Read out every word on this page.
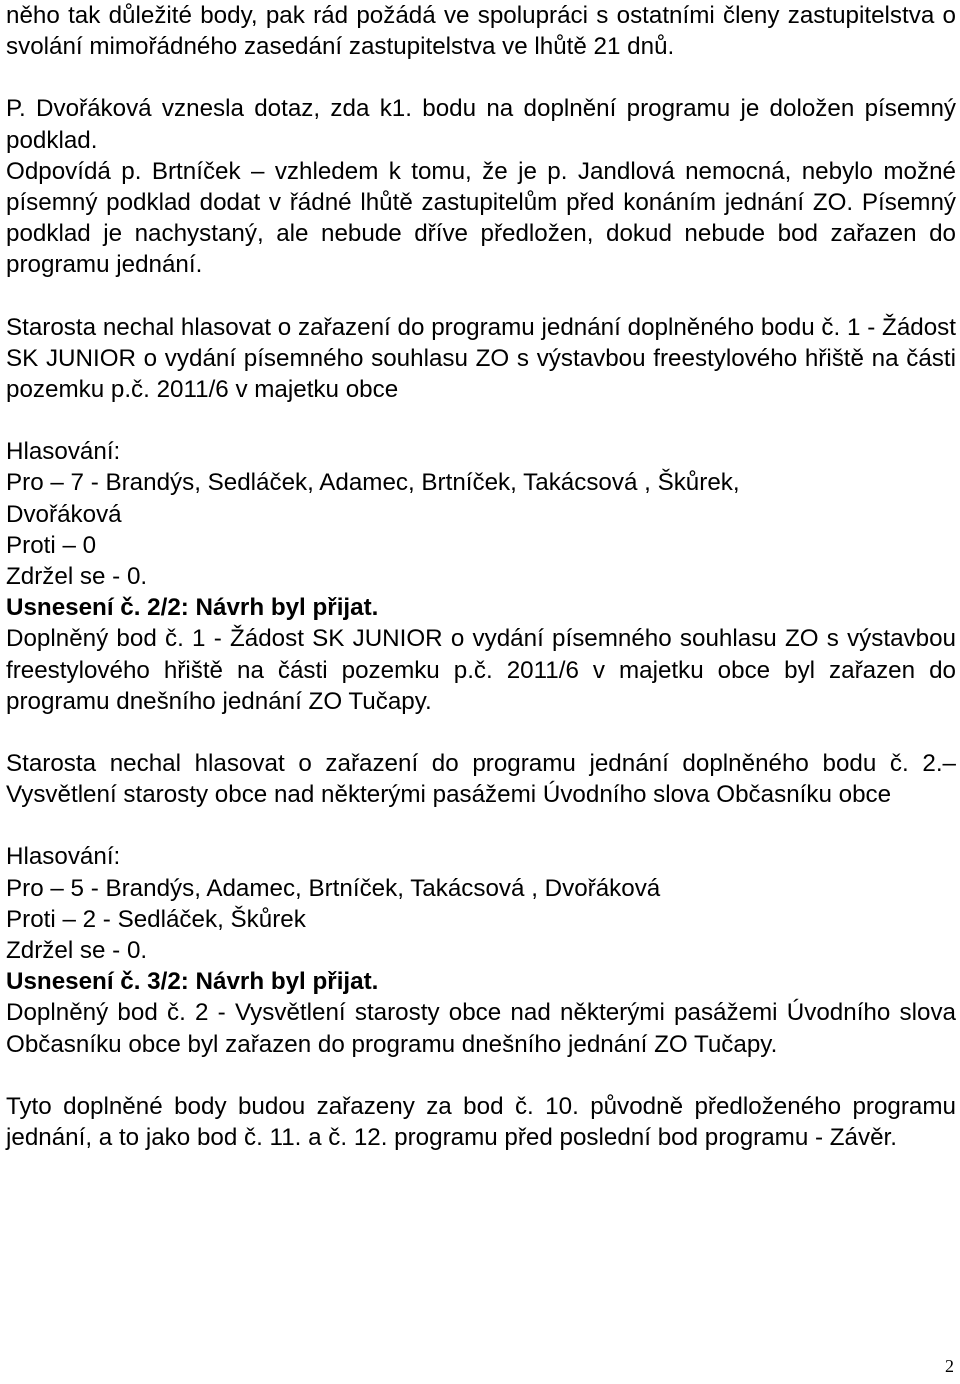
něho tak důležité body, pak rád požádá ve spolupráci s ostatními členy zastupitelstva o svolání mimořádného zasedání zastupitelstva ve lhůtě 21 dnů.

P. Dvořáková vznesla dotaz, zda k1. bodu na doplnění programu je doložen písemný podklad.

Odpovídá p. Brtníček – vzhledem k tomu, že je p. Jandlová nemocná, nebylo možné písemný podklad dodat v řádné lhůtě zastupitelům před konáním jednání ZO. Písemný podklad je nachystaný, ale nebude dříve předložen, dokud nebude bod zařazen do programu jednání.

Starosta nechal hlasovat o zařazení do programu jednání doplněného bodu č. 1 - Žádost SK JUNIOR o vydání písemného souhlasu ZO s výstavbou freestylového hřiště na části pozemku p.č. 2011/6 v majetku obce

Hlasování:

Pro – 7 - Brandýs, Sedláček, Adamec, Brtníček, Takácsová , Škůrek,

Dvořáková

Proti – 0

Zdržel se - 0.

Usnesení č. 2/2: Návrh byl přijat.

Doplněný bod č. 1 - Žádost SK JUNIOR o vydání písemného souhlasu ZO s výstavbou freestylového hřiště na části pozemku p.č. 2011/6 v majetku obce byl zařazen do programu dnešního jednání ZO Tučapy.

Starosta nechal hlasovat o zařazení do programu jednání doplněného bodu č. 2.– Vysvětlení starosty obce nad některými pasážemi Úvodního slova Občasníku obce

Hlasování:

Pro – 5 - Brandýs, Adamec, Brtníček, Takácsová , Dvořáková

Proti – 2 - Sedláček, Škůrek

Zdržel se - 0.

Usnesení č. 3/2: Návrh byl přijat.

Doplněný bod č. 2 - Vysvětlení starosty obce nad některými pasážemi Úvodního slova Občasníku obce byl zařazen do programu dnešního jednání ZO Tučapy.

Tyto doplněné body budou zařazeny za bod č. 10. původně předloženého programu jednání, a to jako bod č. 11. a č. 12. programu před poslední bod programu - Závěr.

2
